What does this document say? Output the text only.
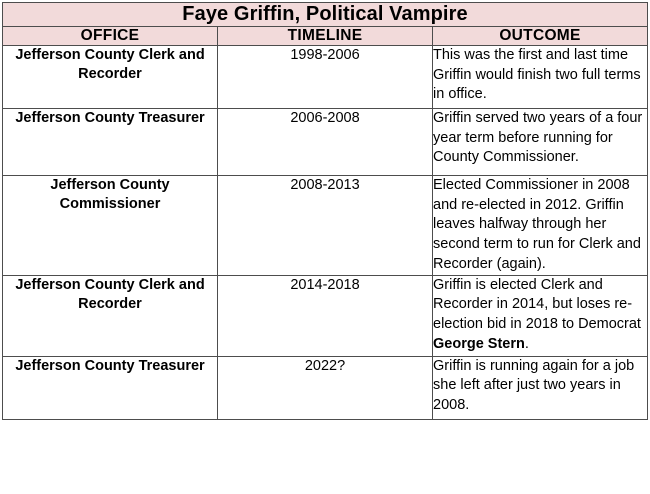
Faye Griffin, Political Vampire		
OFFICE	TIMELINE	OUTCOME
Jefferson County Clerk and Recorder	1998-2006	This was the first and last time Griffin would finish two full terms in office.
Jefferson County Treasurer	2006-2008	Griffin served two years of a four year term before running for County Commissioner.
Jefferson County Commissioner	2008-2013	Elected Commissioner in 2008 and re-elected in 2012. Griffin leaves halfway through her second term to run for Clerk and Recorder (again).
Jefferson County Clerk and Recorder	2014-2018	Griffin is elected Clerk and Recorder in 2014, but loses re-election bid in 2018 to Democrat George Stern.
Jefferson County Treasurer	2022?	Griffin is running again for a job she left after just two years in 2008.
